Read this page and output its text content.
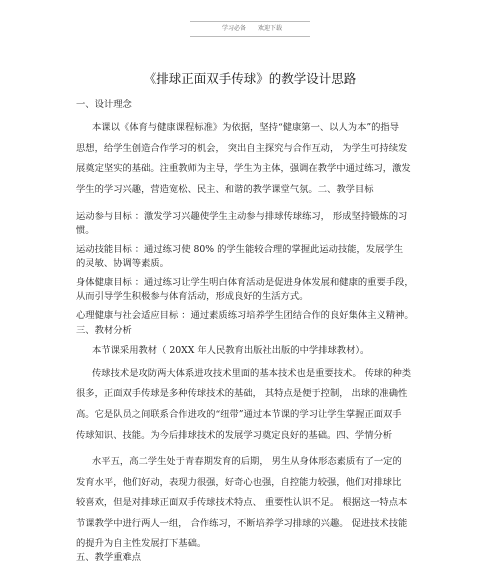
学习必备 欢迎下载
《排球正面双手传球》的教学设计思路
一、设计理念
本课以《体育与健康课程标准》为依据，坚持“健康第一、以人为本”的指导
思想，给学生创造合作学习的机会， 突出自主探究与合作互动， 为学生可持续发
展奠定坚实的基础。注重教师为主导，学生为主体，强调在教学中通过练习，激发
学生的学习兴趣，营造宽松、民主、和谐的教学课堂气氛。二、教学目标
运动参与目标 ：激发学习兴趣使学生主动参与排球传球练习， 形成坚持锻炼的习
惯。
运动技能目标 ：通过练习使 80% 的学生能较合理的掌握此运动技能，发展学生
的灵敏、协调等素质。
身体健康目标 ：通过练习让学生明白体育活动是促进身体发展和健康的重要手段，
从而引导学生积极参与体育活动，形成良好的生活方式。
心理健康与社会适应目标 ：通过素质练习培养学生团结合作的良好集体主义精神。
三、教材分析
本节课采用教材（ 20XX 年人民教育出版社出版的中学排球教材）。
传球技术是攻防两大体系进攻技术里面的基本技术也是重要技术。 传球的种类
很多，正面双手传球是多种传球技术的基础， 其特点是便于控制， 出球的准确性
高。它是队员之间联系合作进攻的“纽带”通过本节课的学习让学生掌握正面双手
传球知识、技能。为今后排球技术的发展学习奠定良好的基础。四、学情分析
水平五，高二学生处于青春期发育的后期， 男生从身体形态素质有了一定的
发育水平，他们好动，表现力很强，好奇心也强，自控能力较强，他们对排球比
较喜欢，但是对排球正面双手传球技术特点、 重要性认识不足。 根据这一特点本
节课教学中进行两人一组， 合作练习，不断培养学习排球的兴趣。 促进技术技能
的提升为自主性发展打下基础。
五、教学重难点
